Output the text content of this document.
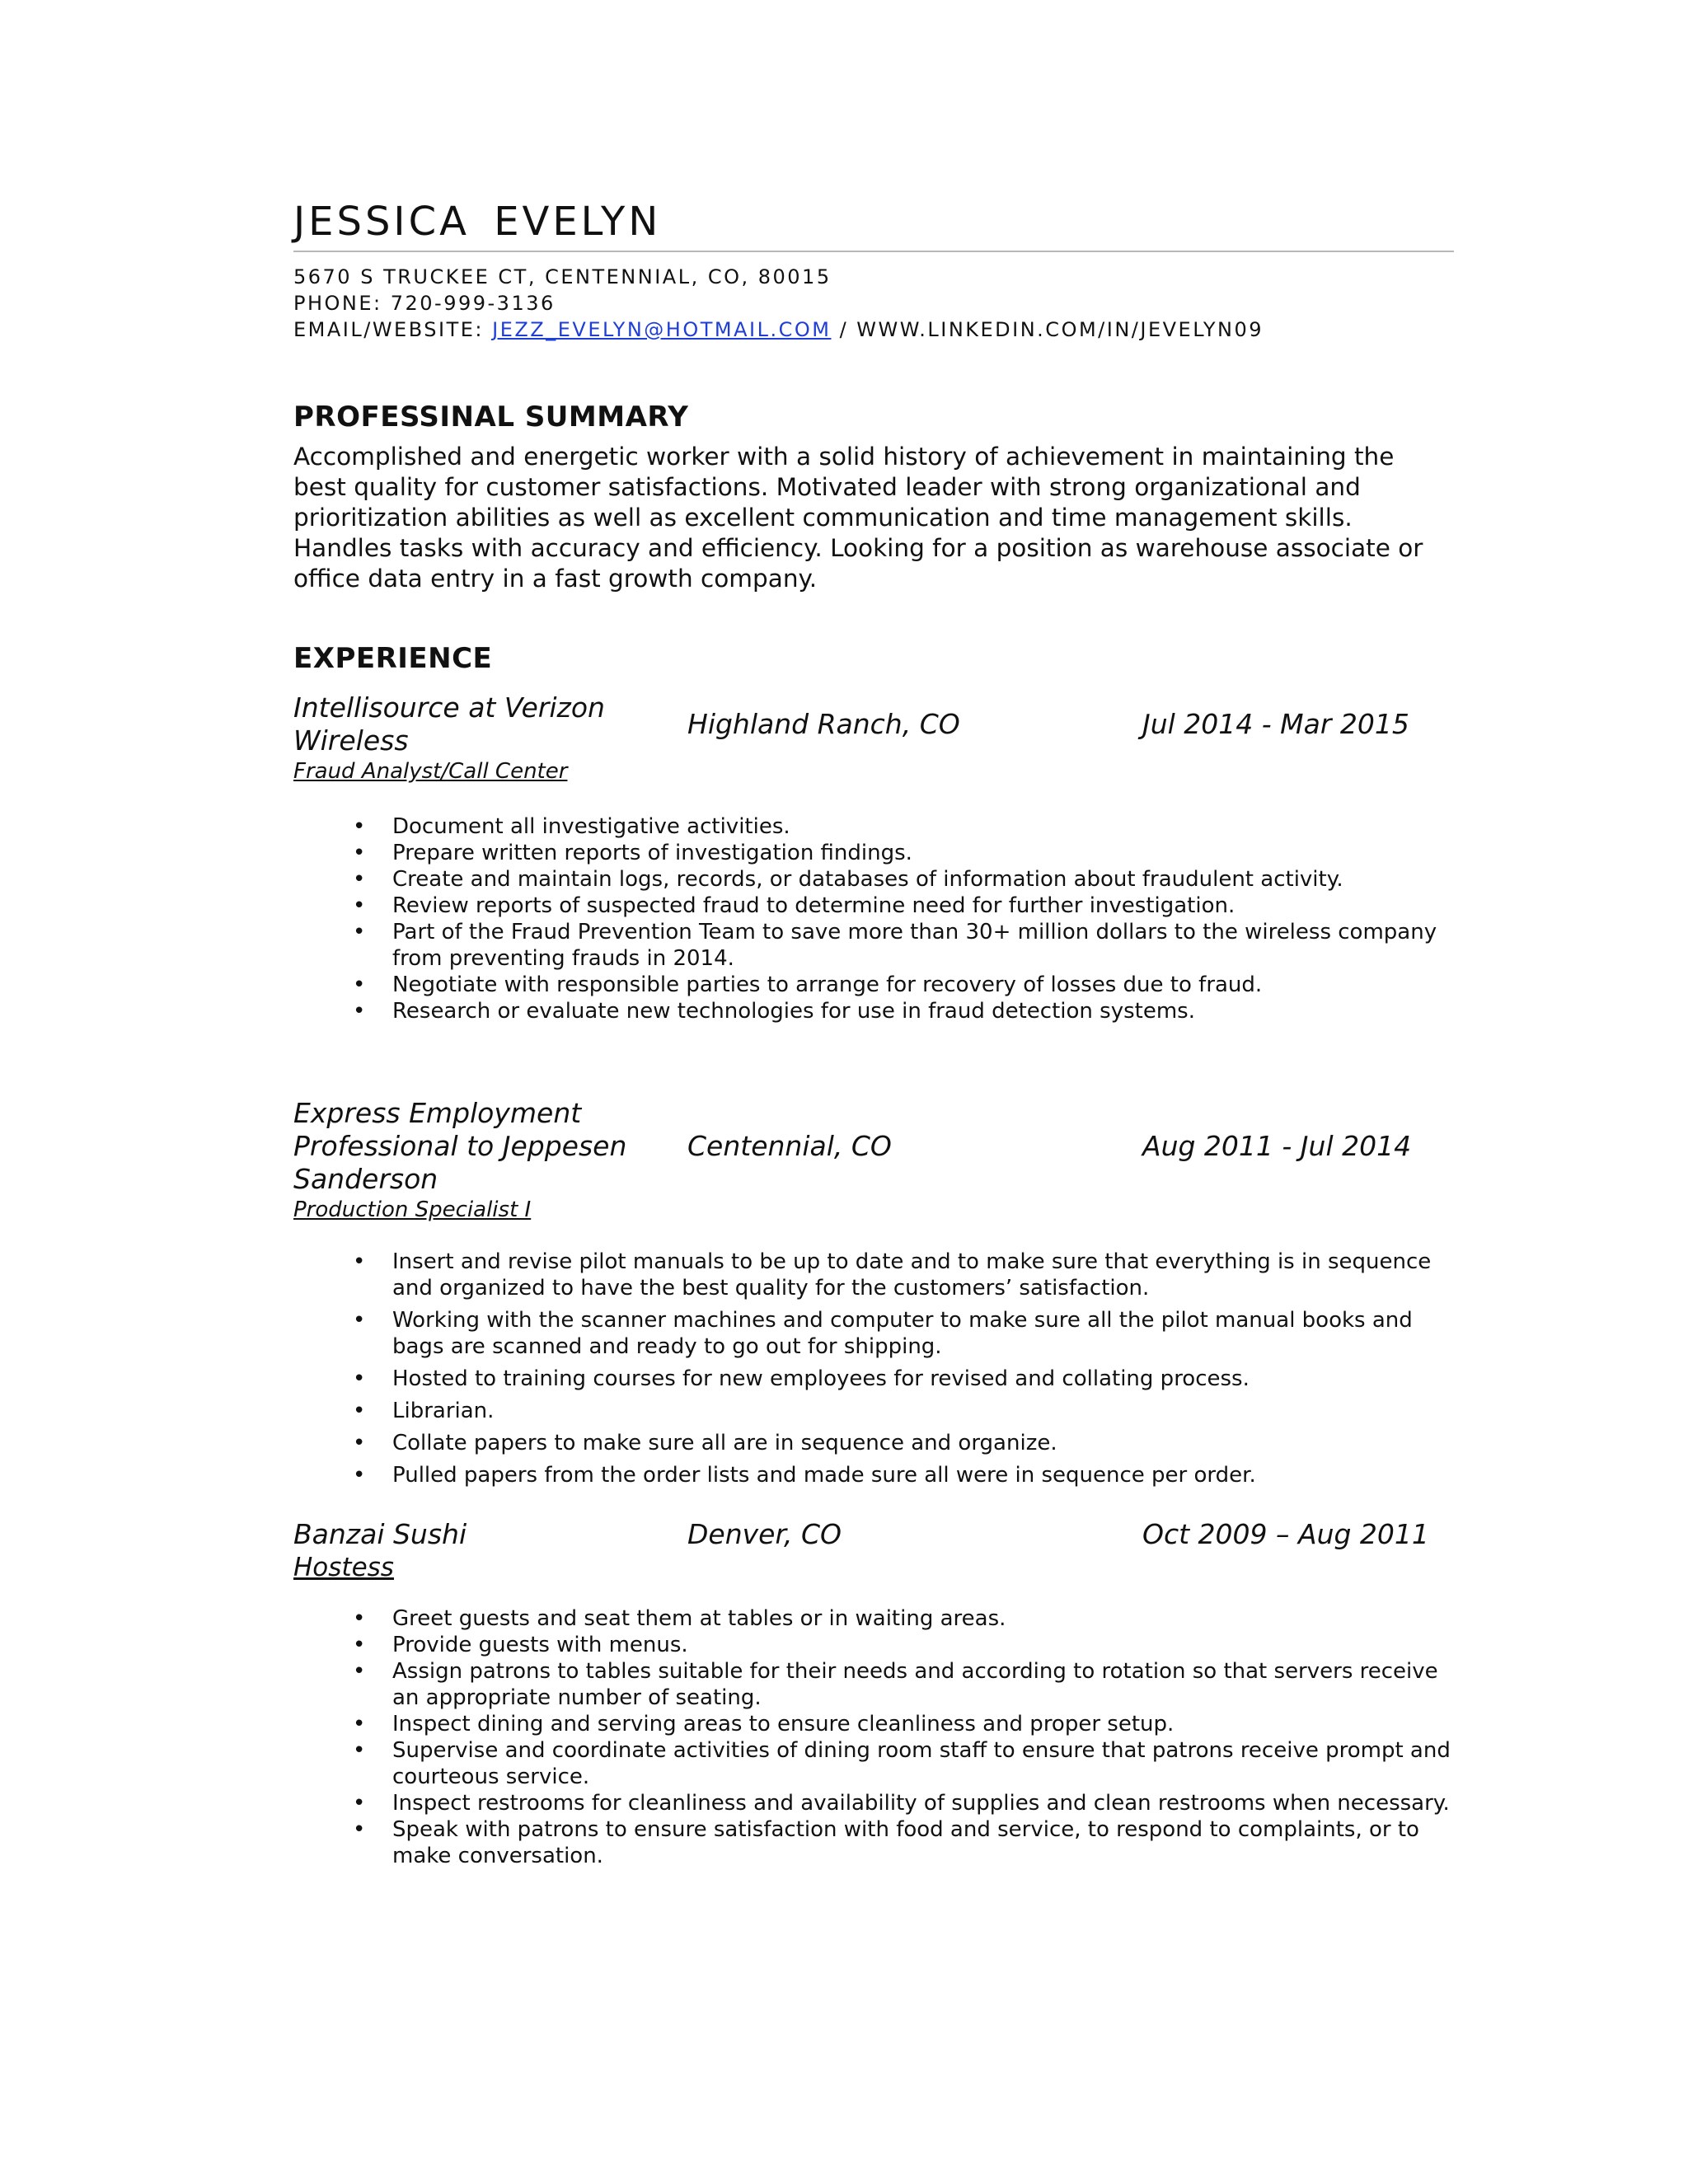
JESSICA EVELYN

5670 S TRUCKEE CT, CENTENNIAL, CO, 80015

PHONE: 720-999-3136

EMAIL/WEBSITE: JEZZ_EVELYN@HOTMAIL.COM / WWW.LINKEDIN.COM/IN/JEVELYN09

PROFESSINAL SUMMARY

Accomplished and energetic worker with a solid history of achievement in maintaining the best quality for customer satisfactions. Motivated leader with strong organizational and prioritization abilities as well as excellent communication and time management skills. Handles tasks with accuracy and efficiency. Looking for a position as warehouse associate or office data entry in a fast growth company.

EXPERIENCE
Intellisource at Verizon Wireless
Highland Ranch, CO	Jul 2014 - Mar 2015
Fraud Analyst/Call Center
• Document all investigative activities.
• Prepare written reports of investigation findings.
• Create and maintain logs, records, or databases of information about fraudulent activity.
• Review reports of suspected fraud to determine need for further investigation.
• Part of the Fraud Prevention Team to save more than 30+ million dollars to the wireless company from preventing frauds in 2014.
• Negotiate with responsible parties to arrange for recovery of losses due to fraud.
• Research or evaluate new technologies for use in fraud detection systems.
Express Employment Professional to Jeppesen Sanderson
Centennial, CO	Aug 2011 - Jul 2014
Production Specialist I
• Insert and revise pilot manuals to be up to date and to make sure that everything is in sequence and organized to have the best quality for the customers’ satisfaction.
• Working with the scanner machines and computer to make sure all the pilot manual books and bags are scanned and ready to go out for shipping.
• Hosted to training courses for new employees for revised and collating process.
• Librarian.
• Collate papers to make sure all are in sequence and organize.
• Pulled papers from the order lists and made sure all were in sequence per order.
Banzai Sushi	Denver, CO	Oct 2009 – Aug 2011
Hostess
• Greet guests and seat them at tables or in waiting areas.
• Provide guests with menus.
• Assign patrons to tables suitable for their needs and according to rotation so that servers receive an appropriate number of seating.
• Inspect dining and serving areas to ensure cleanliness and proper setup.
• Supervise and coordinate activities of dining room staff to ensure that patrons receive prompt and courteous service.
• Inspect restrooms for cleanliness and availability of supplies and clean restrooms when necessary.
• Speak with patrons to ensure satisfaction with food and service, to respond to complaints, or to make conversation.
